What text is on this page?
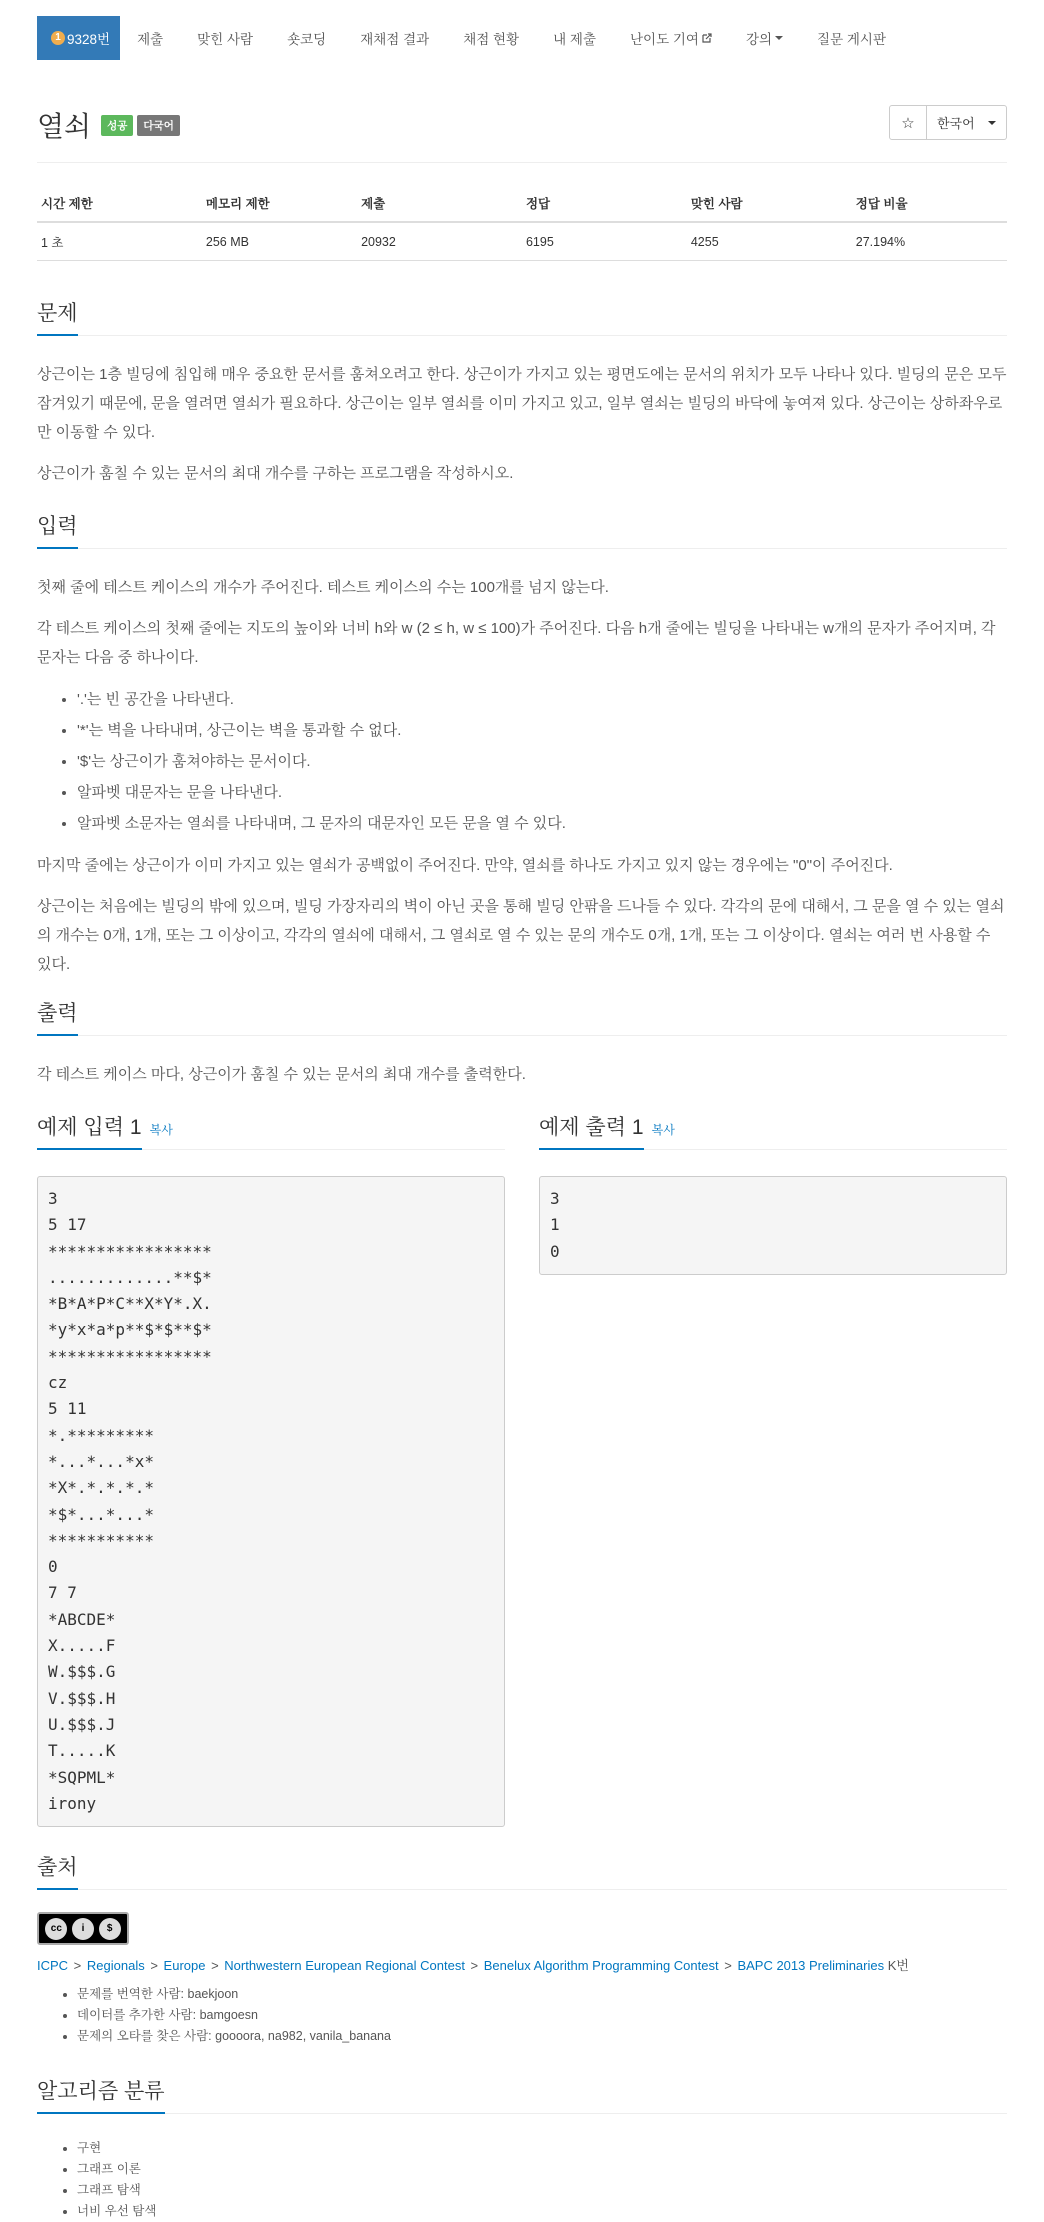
1 9328번	제출	맞힌 사람	숏코딩	재채점 결과	채점 현황	내 제출	난이도 기여	강의	질문 게시판
열쇠	성공	다국어	☆ 한국어
시간 제한	메모리 제한	제출	정답	맞힌 사람	정답 비율
1 초	256 MB	20932	6195	4255	27.194%
문제

상근이는 1층 빌딩에 침입해 매우 중요한 문서를 훔쳐오려고 한다. 상근이가 가지고 있는 평면도에는 문서의 위치가 모두 나타나 있다. 빌딩의 문은 모두 잠겨있기 때문에, 문을 열려면 열쇠가 필요하다. 상근이는 일부 열쇠를 이미 가지고 있고, 일부 열쇠는 빌딩의 바닥에 놓여져 있다. 상근이는 상하좌우로만 이동할 수 있다.

상근이가 훔칠 수 있는 문서의 최대 개수를 구하는 프로그램을 작성하시오.

입력

첫째 줄에 테스트 케이스의 개수가 주어진다. 테스트 케이스의 수는 100개를 넘지 않는다.

각 테스트 케이스의 첫째 줄에는 지도의 높이와 너비 h와 w (2 ≤ h, w ≤ 100)가 주어진다. 다음 h개 줄에는 빌딩을 나타내는 w개의 문자가 주어지며, 각 문자는 다음 중 하나이다.

• '.'는 빈 공간을 나타낸다.
• '*'는 벽을 나타내며, 상근이는 벽을 통과할 수 없다.
• '$'는 상근이가 훔쳐야하는 문서이다.
• 알파벳 대문자는 문을 나타낸다.
• 알파벳 소문자는 열쇠를 나타내며, 그 문자의 대문자인 모든 문을 열 수 있다.

마지막 줄에는 상근이가 이미 가지고 있는 열쇠가 공백없이 주어진다. 만약, 열쇠를 하나도 가지고 있지 않는 경우에는 "0"이 주어진다.

상근이는 처음에는 빌딩의 밖에 있으며, 빌딩 가장자리의 벽이 아닌 곳을 통해 빌딩 안팎을 드나들 수 있다. 각각의 문에 대해서, 그 문을 열 수 있는 열쇠의 개수는 0개, 1개, 또는 그 이상이고, 각각의 열쇠에 대해서, 그 열쇠로 열 수 있는 문의 개수도 0개, 1개, 또는 그 이상이다. 열쇠는 여러 번 사용할 수 있다.

출력

각 테스트 케이스 마다, 상근이가 훔칠 수 있는 문서의 최대 개수를 출력한다.

예제 입력 1 복사
3
5 17
*****************
.............**$*
*B*A*P*C**X*Y*.X.
*y*x*a*p**$*$**$*
*****************
cz
5 11
*.*********
*...*...*x*
*X*.*.*.*.*
*$*...*...*
***********
0
7 7
*ABCDE*
X.....F
W.$$$.G
V.$$$.H
U.$$$.J
T.....K
*SQPML*
irony
예제 출력 1 복사
3
1
0
출처
cc	i	$
ICPC > Regionals > Europe > Northwestern European Regional Contest > Benelux Algorithm Programming Contest > BAPC 2013 Preliminaries K번
• 문제를 번역한 사람: baekjoon
• 데이터를 추가한 사람: bamgoesn
• 문제의 오타를 찾은 사람: goooora, na982, vanila_banana
알고리즘 분류
• 구현
• 그래프 이론
• 그래프 탐색
• 너비 우선 탐색
